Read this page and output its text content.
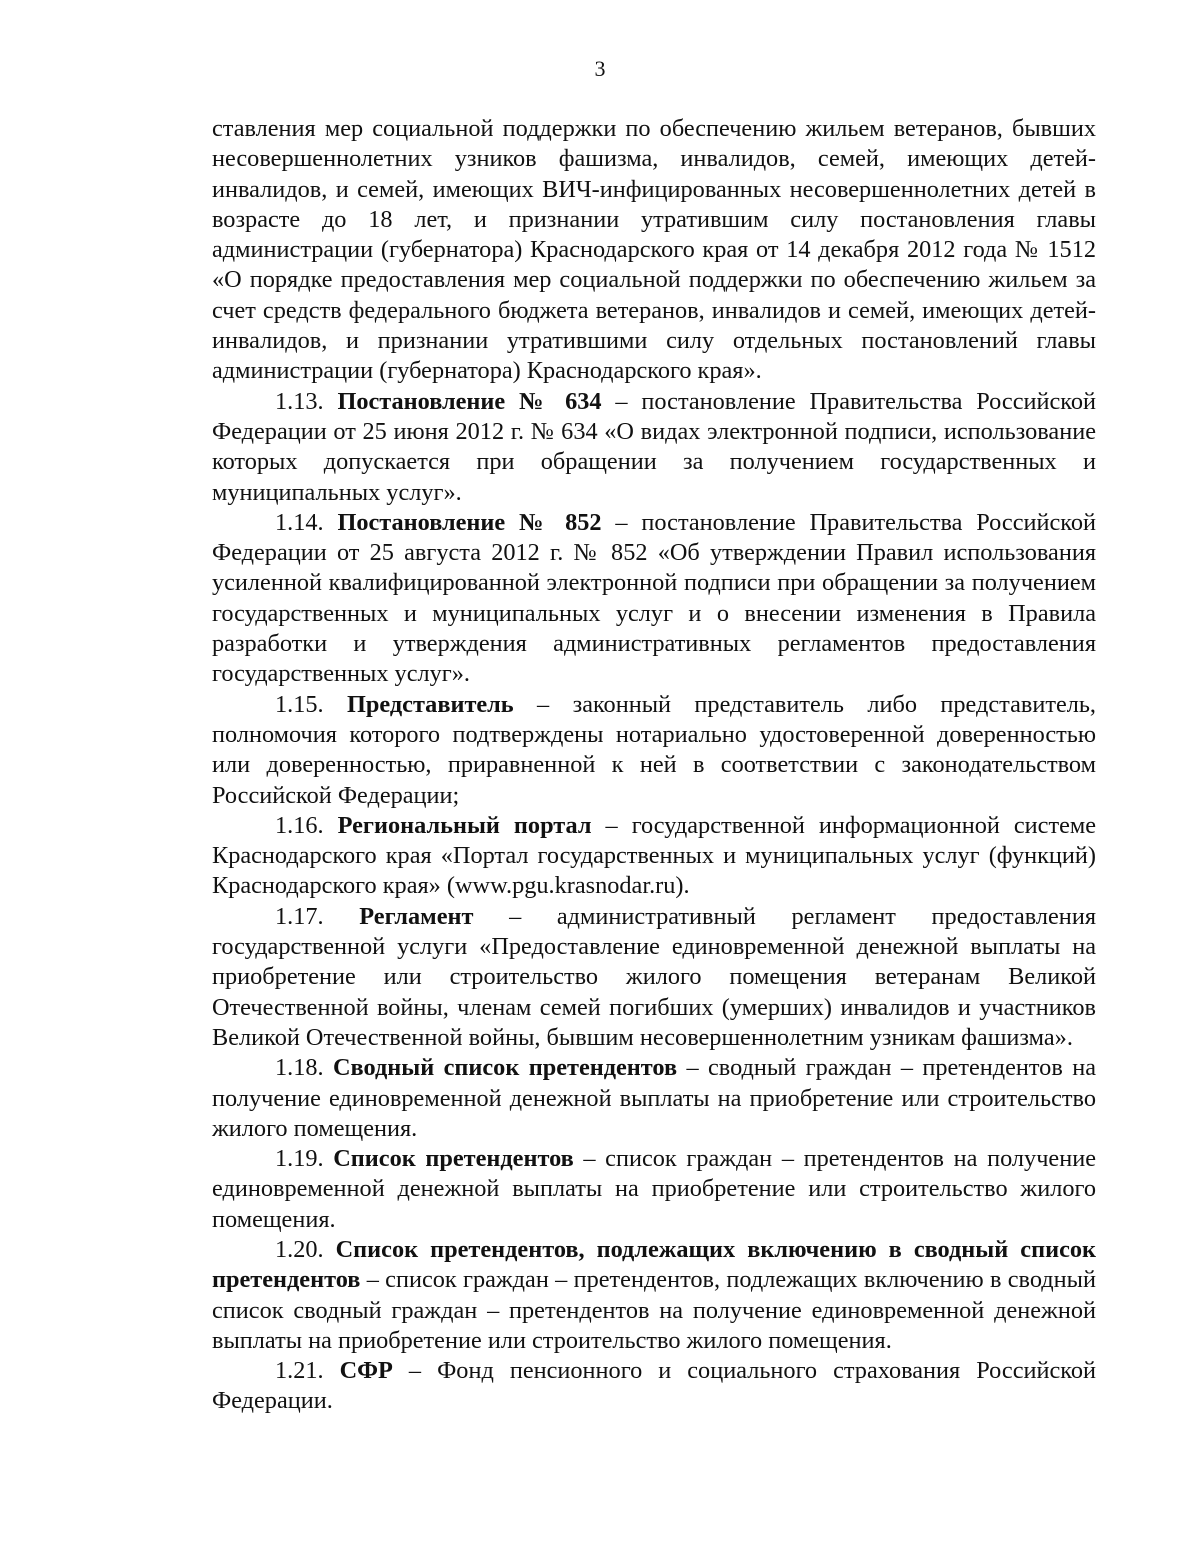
3

ставления мер социальной поддержки по обеспечению жильем ветеранов, бывших несовершеннолетних узников фашизма, инвалидов, семей, имеющих детей-инвалидов, и семей, имеющих ВИЧ-инфицированных несовершеннолетних детей в возрасте до 18 лет, и признании утратившим силу постановления главы администрации (губернатора) Краснодарского края от 14 декабря 2012 года № 1512 «О порядке предоставления мер социальной поддержки по обеспечению жильем за счет средств федерального бюджета ветеранов, инвалидов и семей, имеющих детей-инвалидов, и признании утратившими силу отдельных постановлений главы администрации (губернатора) Краснодарского края».

1.13. Постановление № 634 – постановление Правительства Российской Федерации от 25 июня 2012 г. № 634 «О видах электронной подписи, использование которых допускается при обращении за получением государственных и муниципальных услуг».

1.14. Постановление № 852 – постановление Правительства Российской Федерации от 25 августа 2012 г. № 852 «Об утверждении Правил использования усиленной квалифицированной электронной подписи при обращении за получением государственных и муниципальных услуг и о внесении изменения в Правила разработки и утверждения административных регламентов предоставления государственных услуг».

1.15. Представитель – законный представитель либо представитель, полномочия которого подтверждены нотариально удостоверенной доверенностью или доверенностью, приравненной к ней в соответствии с законодательством Российской Федерации;

1.16. Региональный портал – государственной информационной системе Краснодарского края «Портал государственных и муниципальных услуг (функций) Краснодарского края» (www.pgu.krasnodar.ru).

1.17. Регламент – административный регламент предоставления государственной услуги «Предоставление единовременной денежной выплаты на приобретение или строительство жилого помещения ветеранам Великой Отечественной войны, членам семей погибших (умерших) инвалидов и участников Великой Отечественной войны, бывшим несовершеннолетним узникам фашизма».

1.18. Сводный список претендентов – сводный граждан – претендентов на получение единовременной денежной выплаты на приобретение или строительство жилого помещения.

1.19. Список претендентов – список граждан – претендентов на получение единовременной денежной выплаты на приобретение или строительство жилого помещения.

1.20. Список претендентов, подлежащих включению в сводный список претендентов – список граждан – претендентов, подлежащих включению в сводный список сводный граждан – претендентов на получение единовременной денежной выплаты на приобретение или строительство жилого помещения.

1.21. СФР – Фонд пенсионного и социального страхования Российской Федерации.
